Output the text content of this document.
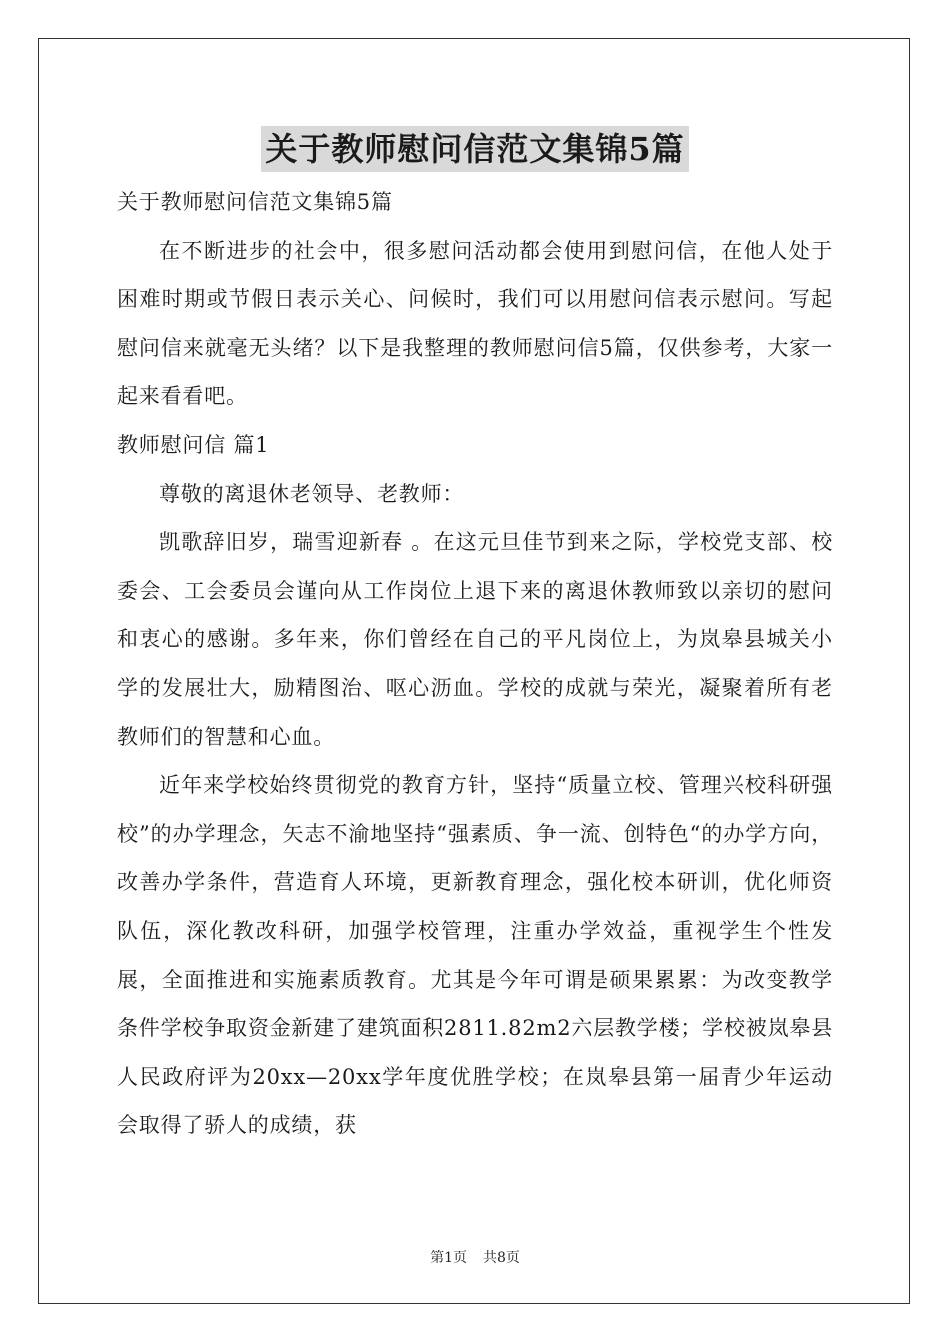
关于教师慰问信范文集锦5篇

关于教师慰问信范文集锦5篇

在不断进步的社会中，很多慰问活动都会使用到慰问信，在他人处于困难时期或节假日表示关心、问候时，我们可以用慰问信表示慰问。写起慰问信来就毫无头绪？以下是我整理的教师慰问信5篇，仅供参考，大家一起来看看吧。

教师慰问信 篇1

尊敬的离退休老领导、老教师：

凯歌辞旧岁，瑞雪迎新春 。在这元旦佳节到来之际，学校党支部、校委会、工会委员会谨向从工作岗位上退下来的离退休教师致以亲切的慰问和衷心的感谢。多年来，你们曾经在自己的平凡岗位上，为岚皋县城关小学的发展壮大，励精图治、呕心沥血。学校的成就与荣光，凝聚着所有老教师们的智慧和心血。

近年来学校始终贯彻党的教育方针，坚持“质量立校、管理兴校科研强校”的办学理念，矢志不渝地坚持“强素质、争一流、创特色“的办学方向，改善办学条件，营造育人环境，更新教育理念，强化校本研训，优化师资队伍，深化教改科研，加强学校管理，注重办学效益，重视学生个性发展，全面推进和实施素质教育。尤其是今年可谓是硕果累累：为改变教学条件学校争取资金新建了建筑面积2811.82m2六层教学楼；学校被岚皋县人民政府评为20xx—20xx学年度优胜学校；在岚皋县第一届青少年运动会取得了骄人的成绩，获

第1页 共8页
